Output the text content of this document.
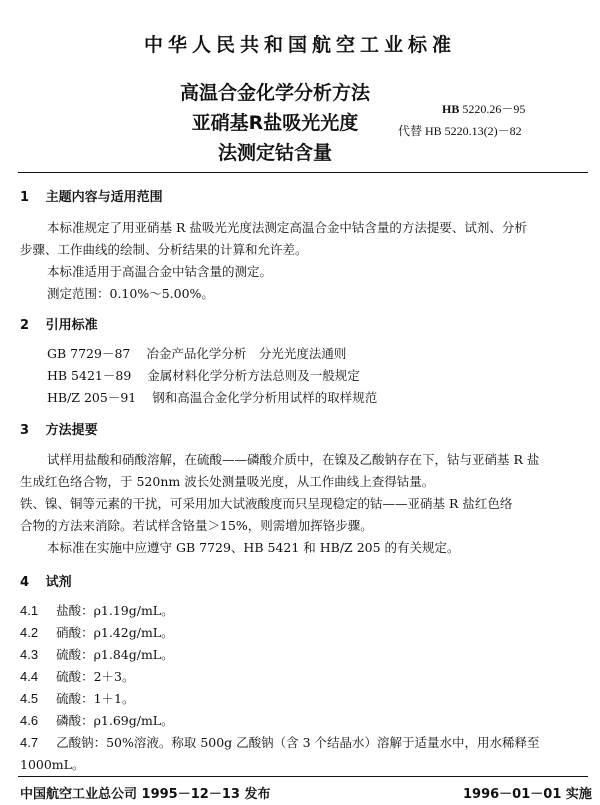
中华人民共和国航空工业标准
高温合金化学分析方法
亚硝基R盐吸光光度
法测定钴含量
HB 5220.26－95
代替 HB 5220.13(2)－82
1 主题内容与适用范围
本标准规定了用亚硝基 R 盐吸光光度法测定高温合金中钴含量的方法提要、试剂、分析
步骤、工作曲线的绘制、分析结果的计算和允许差。
本标准适用于高温合金中钴含量的测定。
测定范围：0.10%～5.00%。
2 引用标准
GB 7729－87 冶金产品化学分析　分光光度法通则
HB 5421－89 金属材料化学分析方法总则及一般规定
HB/Z 205－91 钢和高温合金化学分析用试样的取样规范
3 方法提要
试样用盐酸和硝酸溶解，在硫酸——磷酸介质中，在镍及乙酸钠存在下，钴与亚硝基 R 盐
生成红色络合物，于 520nm 波长处测量吸光度，从工作曲线上查得钴量。
铁、镍、铜等元素的干扰，可采用加大试液酸度而只呈现稳定的钴——亚硝基 R 盐红色络
合物的方法来消除。若试样含铬量＞15%，则需增加挥铬步骤。
本标准在实施中应遵守 GB 7729、HB 5421 和 HB/Z 205 的有关规定。
4 试剂
4.1 盐酸：ρ1.19g/mL。
4.2 硝酸：ρ1.42g/mL。
4.3 硫酸：ρ1.84g/mL。
4.4 硫酸：2＋3。
4.5 硫酸：1＋1。
4.6 磷酸：ρ1.69g/mL。
4.7 乙酸钠：50%溶液。称取 500g 乙酸钠（含 3 个结晶水）溶解于适量水中，用水稀释至
1000mL。
中国航空工业总公司 1995－12－13 发布	1996－01－01 实施
